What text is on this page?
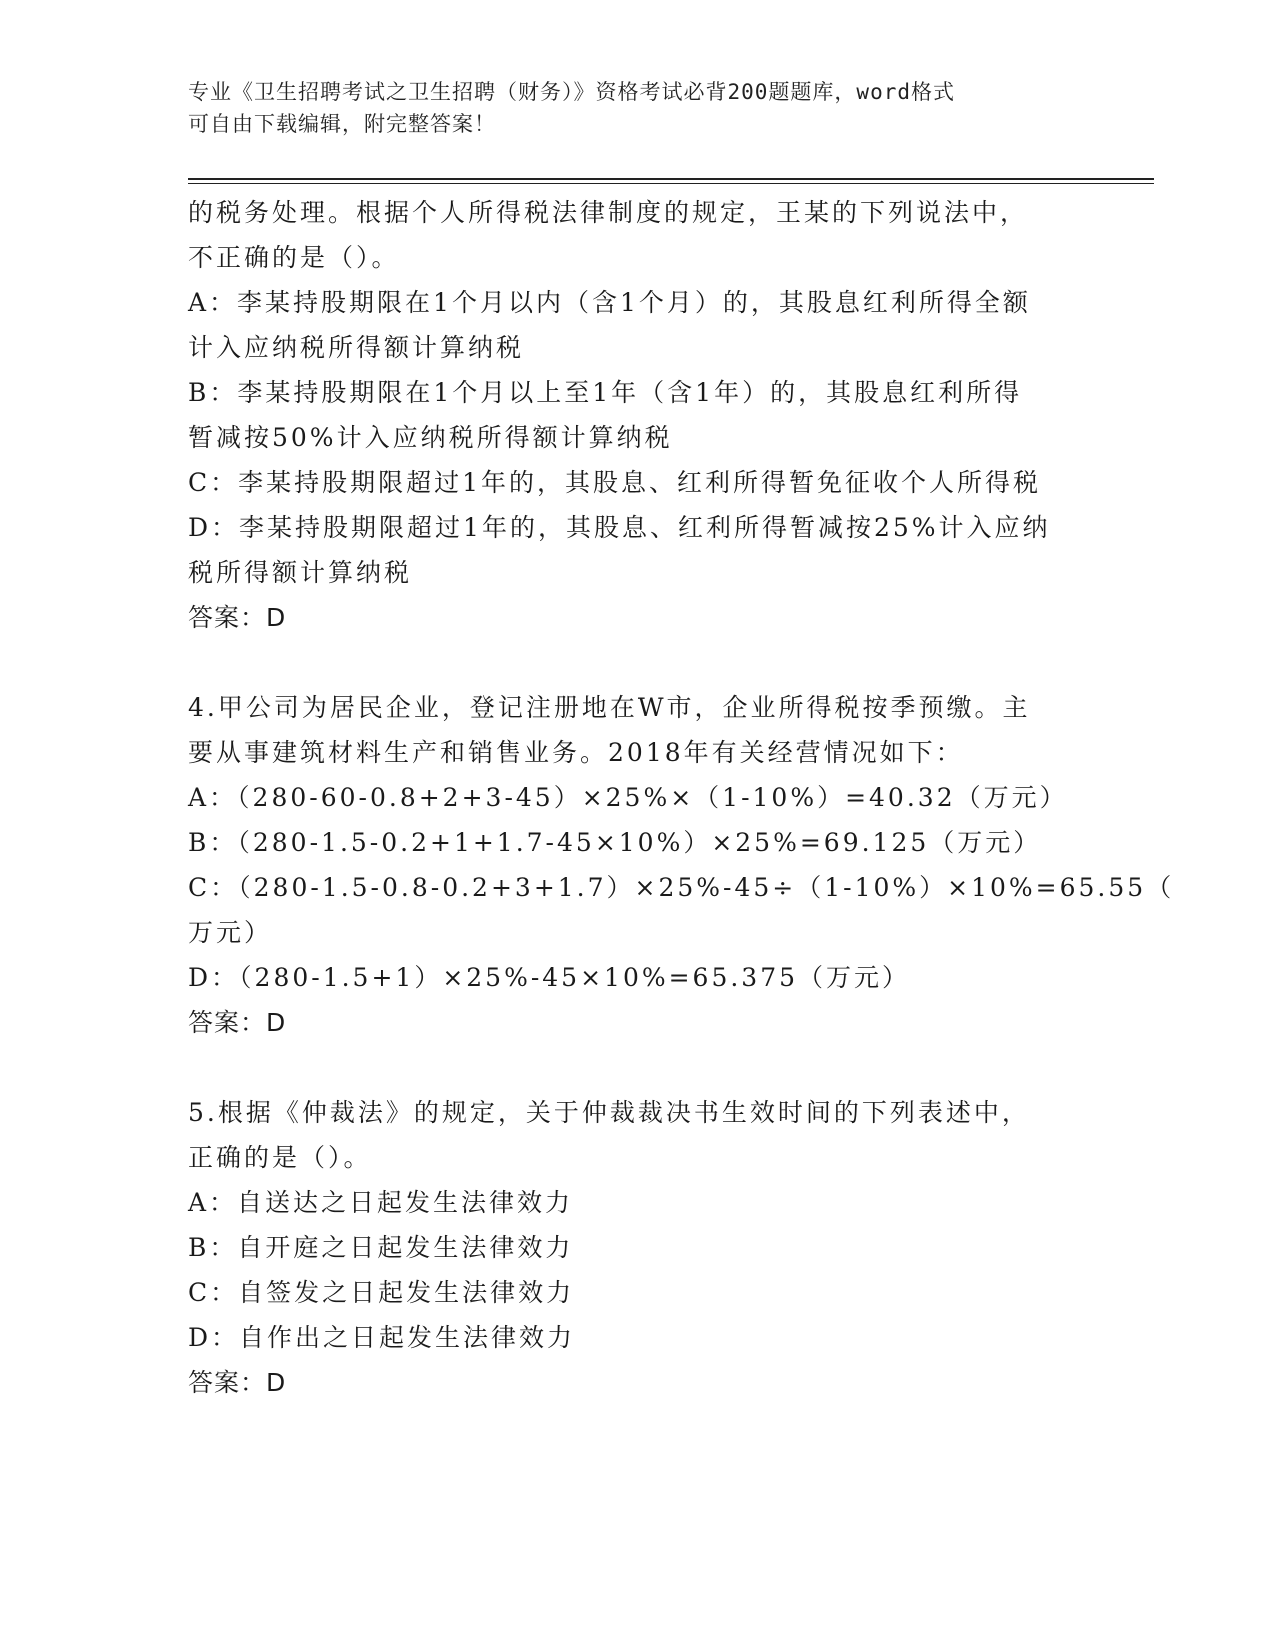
专业《卫生招聘考试之卫生招聘（财务）》资格考试必背200题题库，word格式
可自由下载编辑，附完整答案！
的税务处理。根据个人所得税法律制度的规定，王某的下列说法中，
不正确的是（）。
A：李某持股期限在1个月以内（含1个月）的，其股息红利所得全额
计入应纳税所得额计算纳税
B：李某持股期限在1个月以上至1年（含1年）的，其股息红利所得
暂减按50%计入应纳税所得额计算纳税
C：李某持股期限超过1年的，其股息、红利所得暂免征收个人所得税
D：李某持股期限超过1年的，其股息、红利所得暂减按25%计入应纳
税所得额计算纳税
答案：D
4.甲公司为居民企业，登记注册地在W市，企业所得税按季预缴。主
要从事建筑材料生产和销售业务。2018年有关经营情况如下：
A：（280-60-0.8+2+3-45）×25%×（1-10%）=40.32（万元）
B：（280-1.5-0.2+1+1.7-45×10%）×25%=69.125（万元）
C：（280-1.5-0.8-0.2+3+1.7）×25%-45÷（1-10%）×10%=65.55（
万元）
D：（280-1.5+1）×25%-45×10%=65.375（万元）
答案：D
5.根据《仲裁法》的规定，关于仲裁裁决书生效时间的下列表述中，
正确的是（）。
A：自送达之日起发生法律效力
B：自开庭之日起发生法律效力
C：自签发之日起发生法律效力
D：自作出之日起发生法律效力
答案：D
